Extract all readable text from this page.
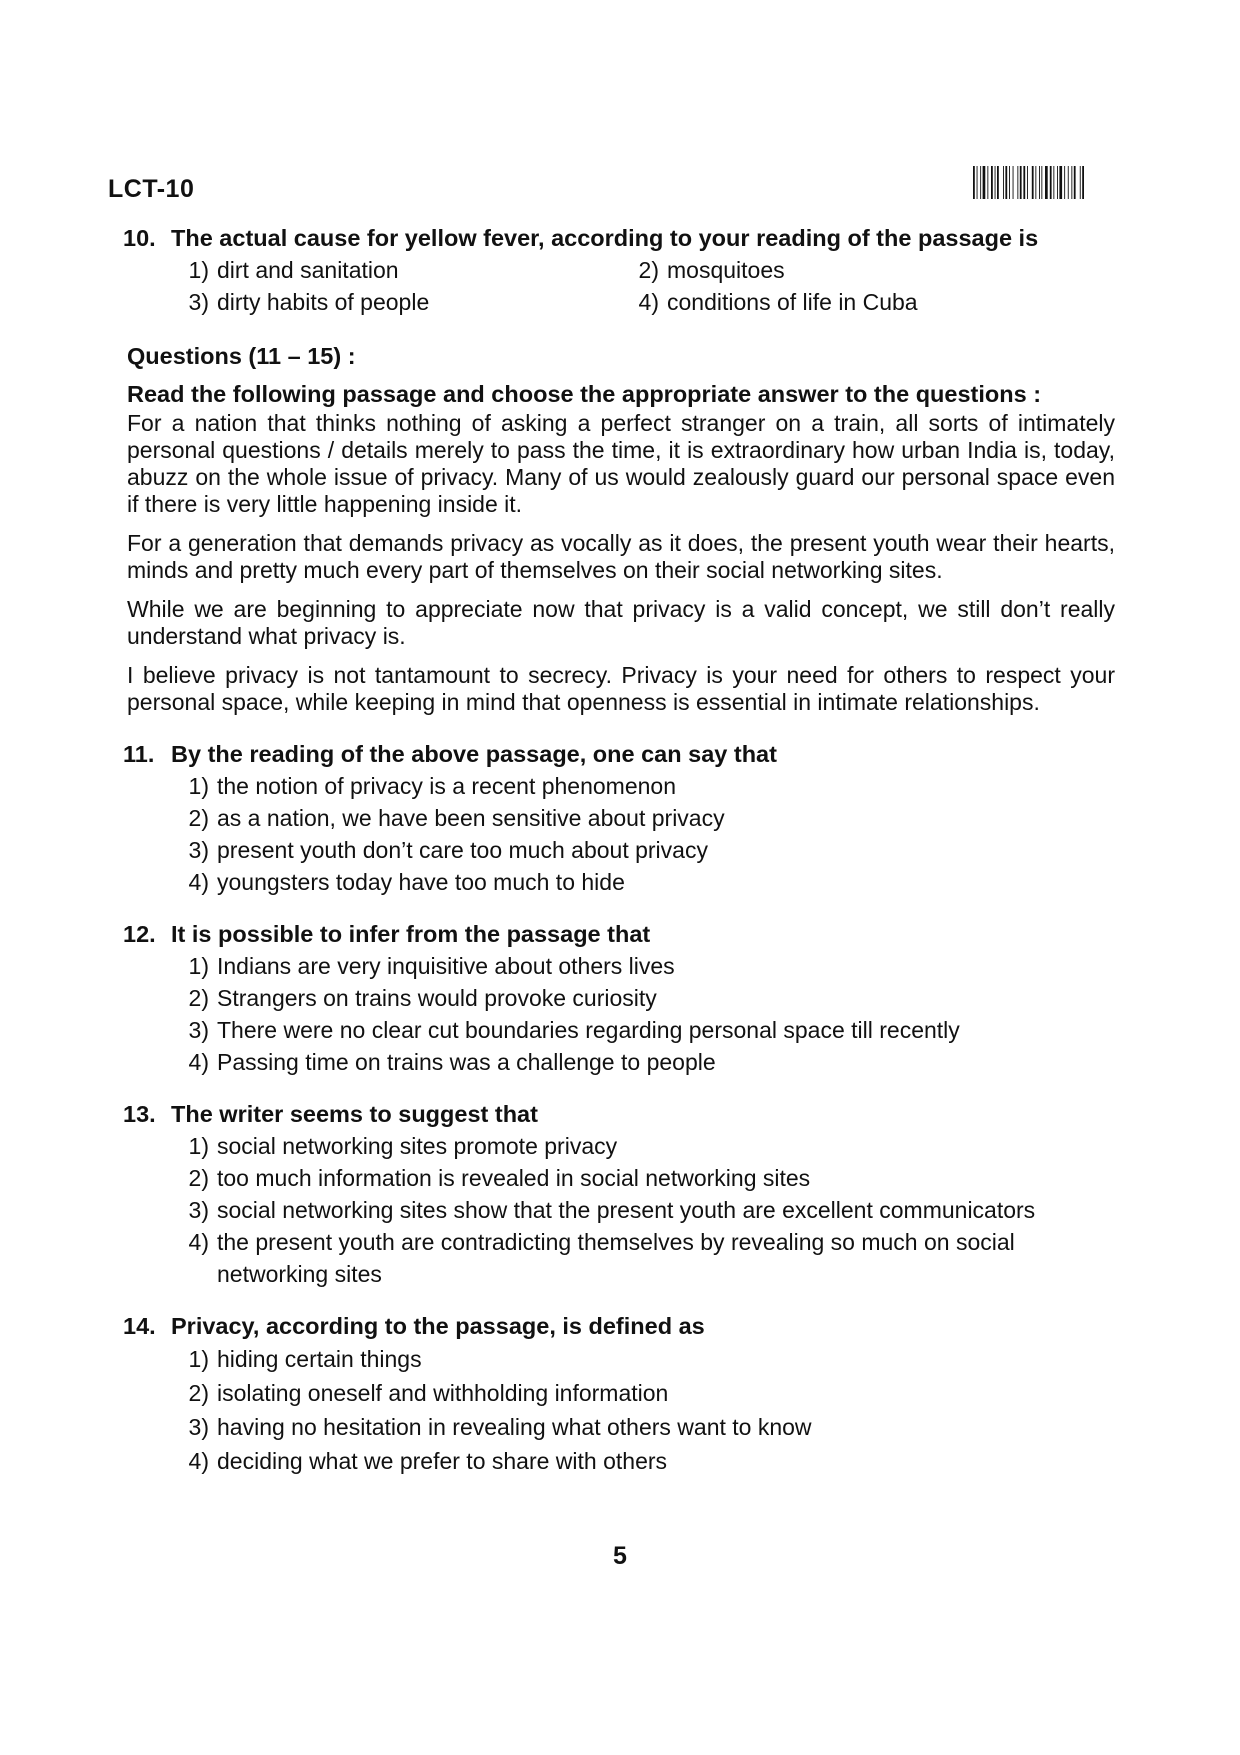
LCT-10
10. The actual cause for yellow fever, according to your reading of the passage is
1) dirt and sanitation	2) mosquitoes
3) dirty habits of people	4) conditions of life in Cuba
Questions (11 – 15) :
Read the following passage and choose the appropriate answer to the questions :

For a nation that thinks nothing of asking a perfect stranger on a train, all sorts of intimately personal questions / details merely to pass the time, it is extraordinary how urban India is, today, abuzz on the whole issue of privacy. Many of us would zealously guard our personal space even if there is very little happening inside it.

For a generation that demands privacy as vocally as it does, the present youth wear their hearts, minds and pretty much every part of themselves on their social networking sites.

While we are beginning to appreciate now that privacy is a valid concept, we still don’t really understand what privacy is.

I believe privacy is not tantamount to secrecy. Privacy is your need for others to respect your personal space, while keeping in mind that openness is essential in intimate relationships.

11. By the reading of the above passage, one can say that
1) the notion of privacy is a recent phenomenon
2) as a nation, we have been sensitive about privacy
3) present youth don’t care too much about privacy
4) youngsters today have too much to hide
12. It is possible to infer from the passage that
1) Indians are very inquisitive about others lives
2) Strangers on trains would provoke curiosity
3) There were no clear cut boundaries regarding personal space till recently
4) Passing time on trains was a challenge to people
13. The writer seems to suggest that
1) social networking sites promote privacy
2) too much information is revealed in social networking sites
3) social networking sites show that the present youth are excellent communicators
4) the present youth are contradicting themselves by revealing so much on social networking sites
14. Privacy, according to the passage, is defined as
1) hiding certain things
2) isolating oneself and withholding information
3) having no hesitation in revealing what others want to know
4) deciding what we prefer to share with others
5
